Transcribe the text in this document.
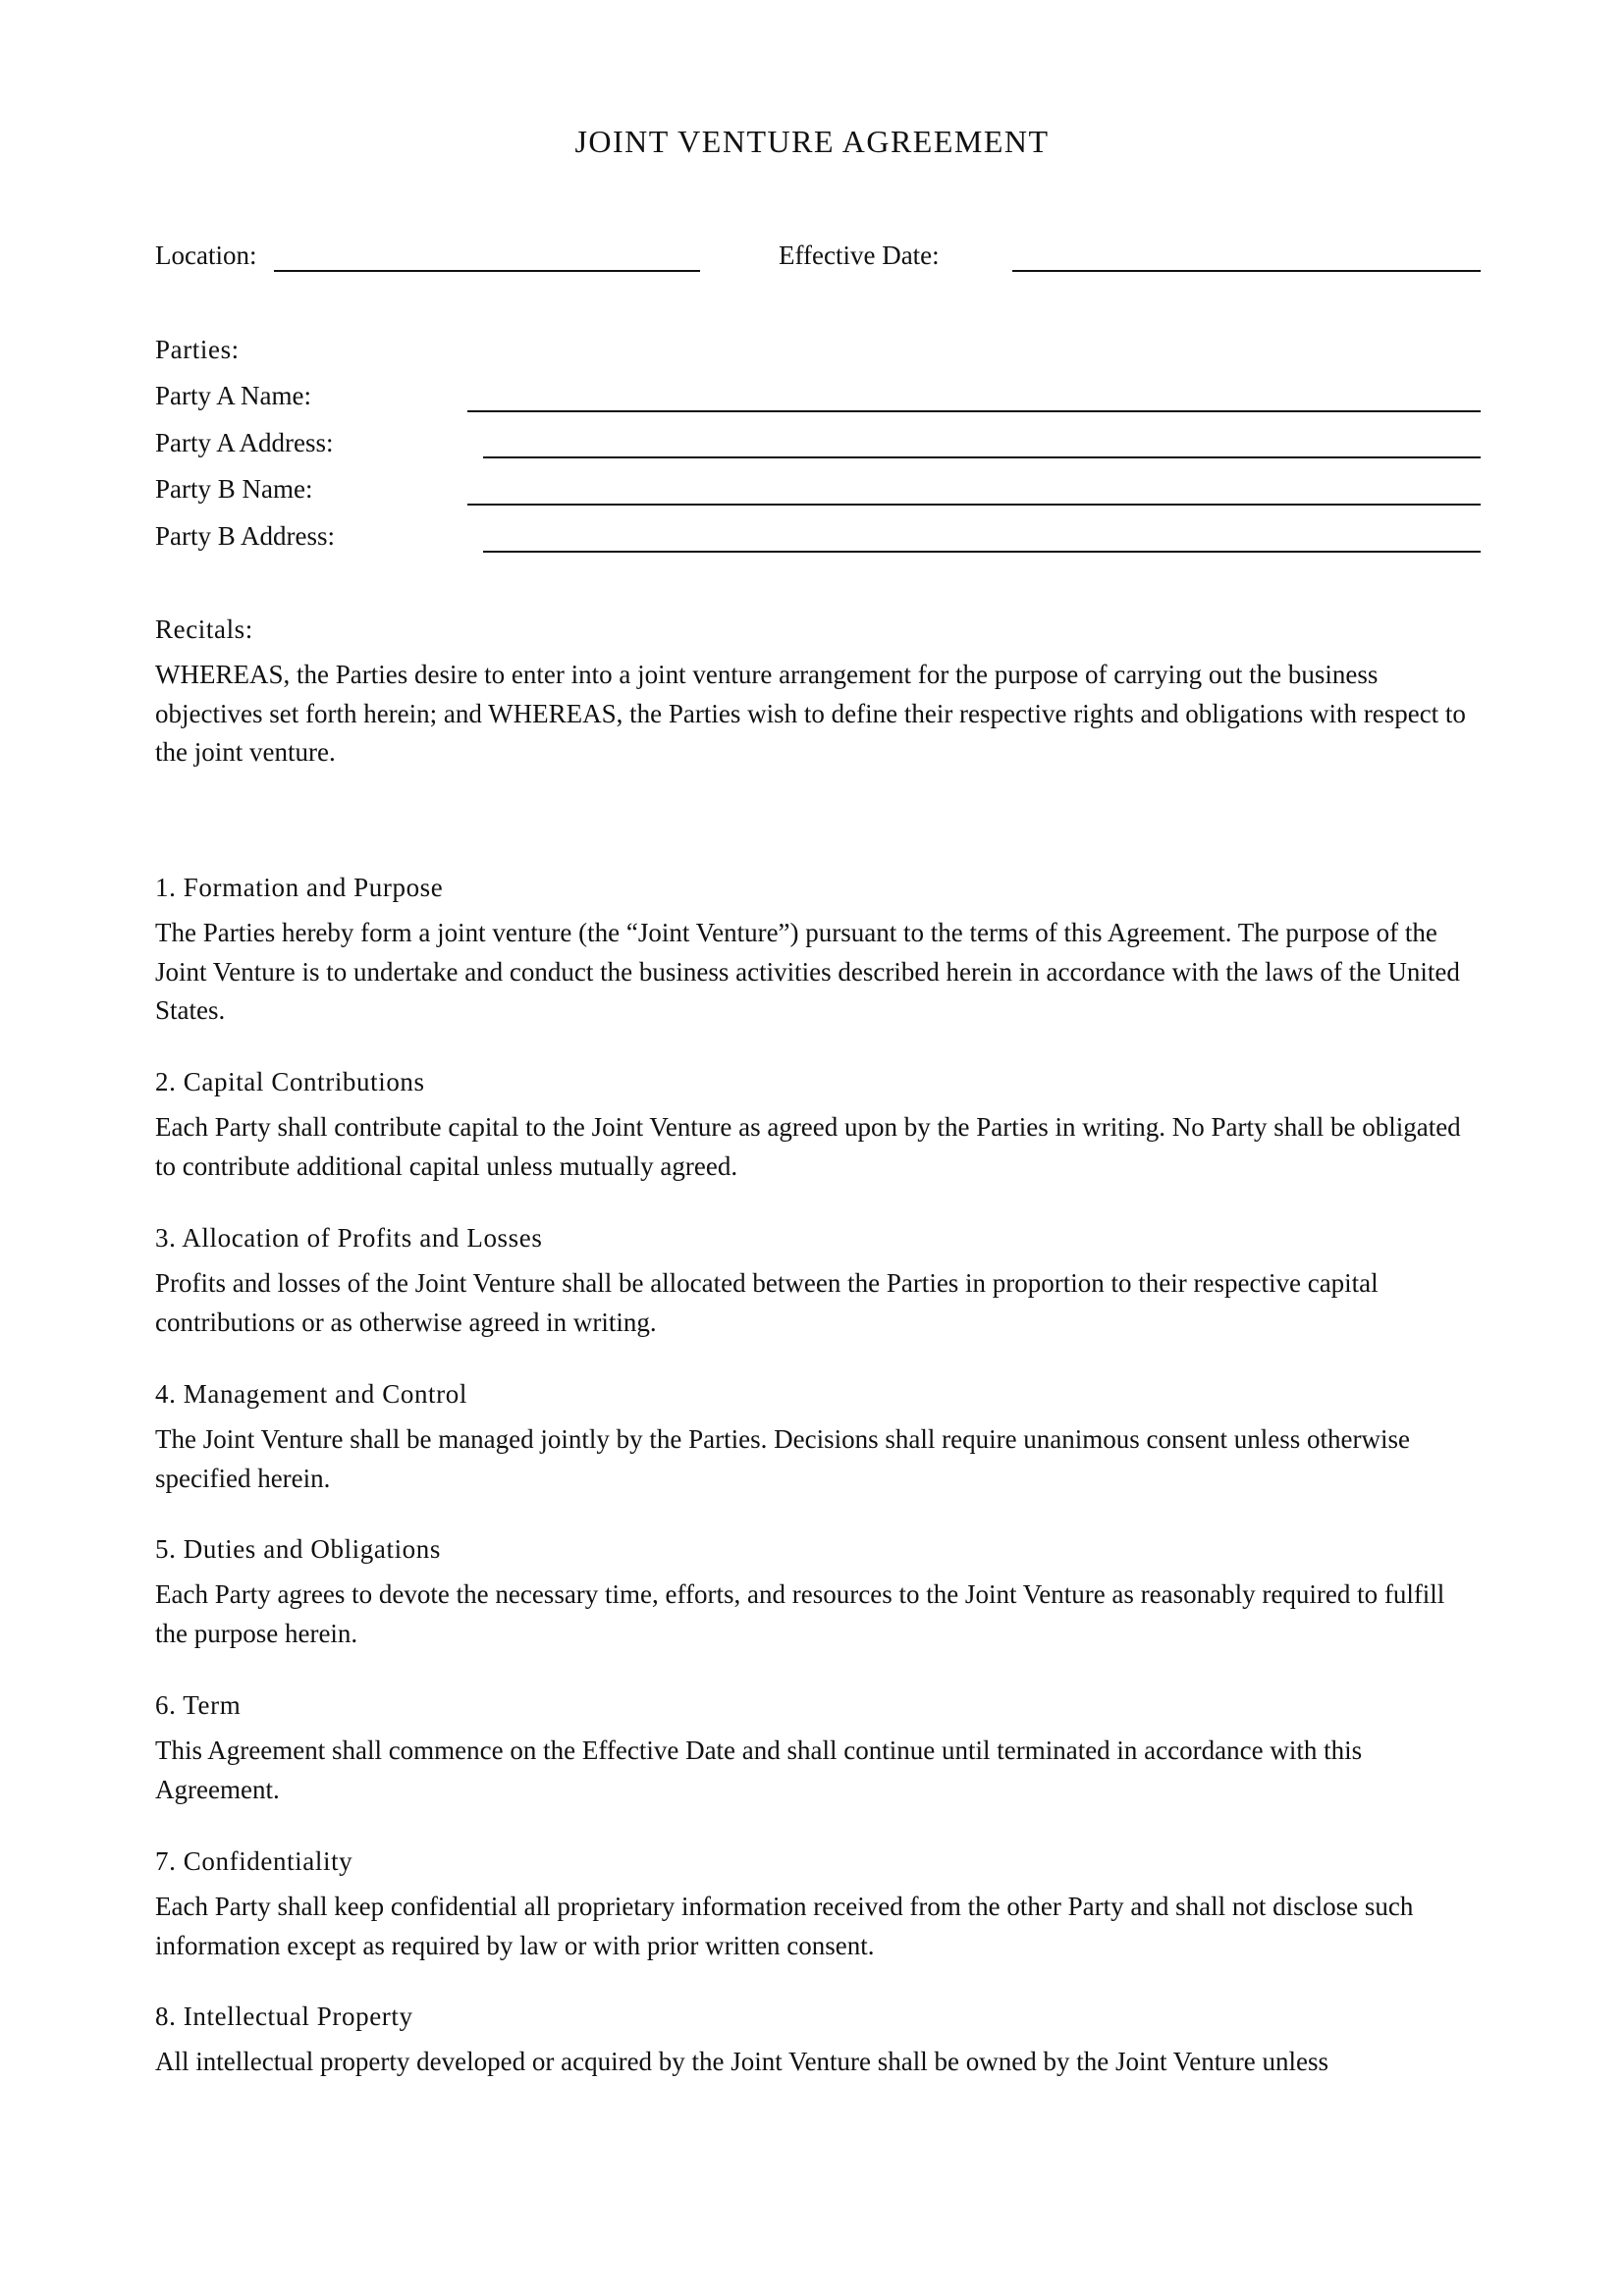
JOINT VENTURE AGREEMENT
Location:	Effective Date:
Parties:
Party A Name:
Party A Address:
Party B Name:
Party B Address:
Recitals:
WHEREAS, the Parties desire to enter into a joint venture arrangement for the purpose of carrying out the business objectives set forth herein; and WHEREAS, the Parties wish to define their respective rights and obligations with respect to the joint venture.
1. Formation and Purpose
The Parties hereby form a joint venture (the “Joint Venture”) pursuant to the terms of this Agreement. The purpose of the Joint Venture is to undertake and conduct the business activities described herein in accordance with the laws of the United States.
2. Capital Contributions
Each Party shall contribute capital to the Joint Venture as agreed upon by the Parties in writing. No Party shall be obligated to contribute additional capital unless mutually agreed.
3. Allocation of Profits and Losses
Profits and losses of the Joint Venture shall be allocated between the Parties in proportion to their respective capital contributions or as otherwise agreed in writing.
4. Management and Control
The Joint Venture shall be managed jointly by the Parties. Decisions shall require unanimous consent unless otherwise specified herein.
5. Duties and Obligations
Each Party agrees to devote the necessary time, efforts, and resources to the Joint Venture as reasonably required to fulfill the purpose herein.
6. Term
This Agreement shall commence on the Effective Date and shall continue until terminated in accordance with this Agreement.
7. Confidentiality
Each Party shall keep confidential all proprietary information received from the other Party and shall not disclose such information except as required by law or with prior written consent.
8. Intellectual Property
All intellectual property developed or acquired by the Joint Venture shall be owned by the Joint Venture unless
